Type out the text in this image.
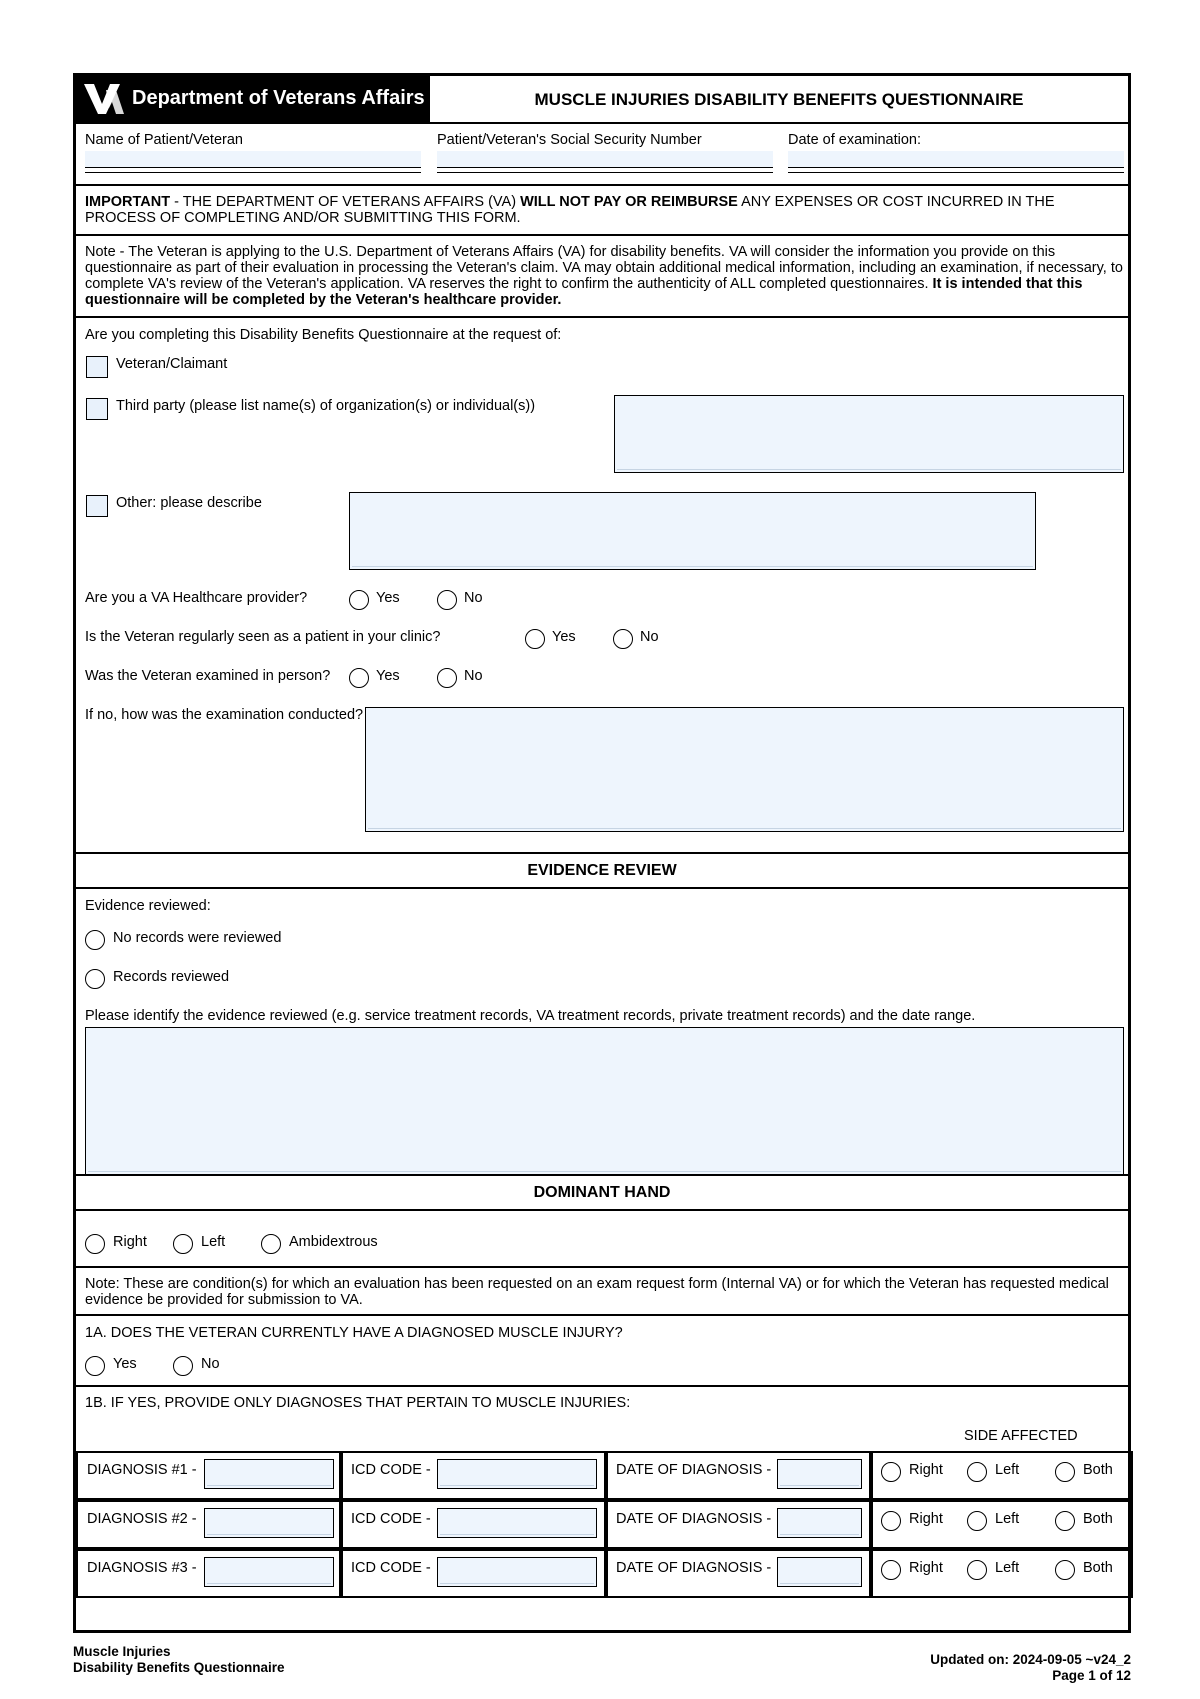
Department of Veterans Affairs	MUSCLE INJURIES DISABILITY BENEFITS QUESTIONNAIRE
Name of Patient/Veteran	Patient/Veteran's Social Security Number	Date of examination:
IMPORTANT - THE DEPARTMENT OF VETERANS AFFAIRS (VA) WILL NOT PAY OR REIMBURSE ANY EXPENSES OR COST INCURRED IN THE PROCESS OF COMPLETING AND/OR SUBMITTING THIS FORM.
Note - The Veteran is applying to the U.S. Department of Veterans Affairs (VA) for disability benefits. VA will consider the information you provide on this questionnaire as part of their evaluation in processing the Veteran's claim. VA may obtain additional medical information, including an examination, if necessary, to complete VA's review of the Veteran's application. VA reserves the right to confirm the authenticity of ALL completed questionnaires. It is intended that this questionnaire will be completed by the Veteran's healthcare provider.
Are you completing this Disability Benefits Questionnaire at the request of:
Veteran/Claimant
Third party (please list name(s) of organization(s) or individual(s))
Other: please describe
Are you a VA Healthcare provider?	Yes	No
Is the Veteran regularly seen as a patient in your clinic?	Yes	No
Was the Veteran examined in person?	Yes	No
If no, how was the examination conducted?
EVIDENCE REVIEW
Evidence reviewed:
No records were reviewed
Records reviewed
Please identify the evidence reviewed (e.g. service treatment records, VA treatment records, private treatment records) and the date range.
DOMINANT HAND
Right	Left	Ambidextrous
Note: These are condition(s) for which an evaluation has been requested on an exam request form (Internal VA) or for which the Veteran has requested medical evidence be provided for submission to VA.
1A. DOES THE VETERAN CURRENTLY HAVE A DIAGNOSED MUSCLE INJURY?
Yes	No
1B. IF YES, PROVIDE ONLY DIAGNOSES THAT PERTAIN TO MUSCLE INJURIES:
SIDE AFFECTED
DIAGNOSIS #1 -	ICD CODE -	DATE OF DIAGNOSIS -	Right	Left	Both
DIAGNOSIS #2 -	ICD CODE -	DATE OF DIAGNOSIS -	Right	Left	Both
DIAGNOSIS #3 -	ICD CODE -	DATE OF DIAGNOSIS -	Right	Left	Both
Muscle Injuries
Disability Benefits Questionnaire
Updated on: 2024-09-05 ~v24_2
Page 1 of 12
